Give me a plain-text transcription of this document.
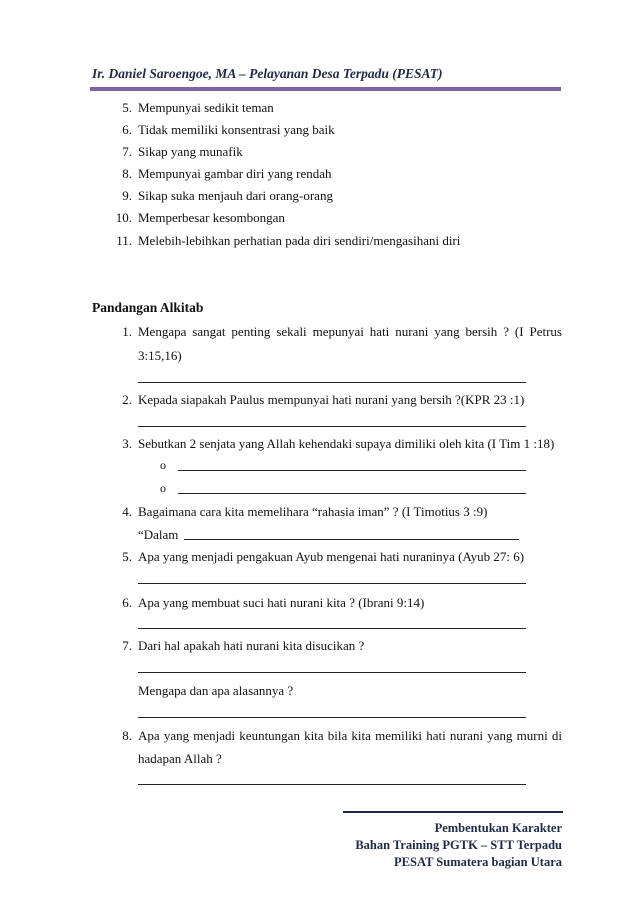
Ir. Daniel Saroengoe, MA – Pelayanan Desa Terpadu (PESAT)
5. Mempunyai sedikit teman
6. Tidak memiliki konsentrasi yang baik
7. Sikap yang munafik
8. Mempunyai gambar diri yang rendah
9. Sikap suka menjauh dari orang-orang
10. Memperbesar kesombongan
11. Melebih-lebihkan perhatian pada diri sendiri/mengasihani diri
Pandangan Alkitab
1. Mengapa sangat penting sekali mepunyai hati nurani yang bersih ? (I Petrus
3:15,16)
2. Kepada siapakah Paulus mempunyai hati nurani yang bersih ?(KPR 23 :1)
3. Sebutkan 2 senjata yang Allah kehendaki supaya dimiliki oleh kita (I Tim 1 :18)
o
o
4. Bagaimana cara kita memelihara “rahasia iman” ? (I Timotius 3 :9)
“Dalam
5. Apa yang menjadi pengakuan Ayub mengenai hati nuraninya (Ayub 27: 6)
6. Apa yang membuat suci hati nurani kita ? (Ibrani 9:14)
7. Dari hal apakah hati nurani kita disucikan ?
Mengapa dan apa alasannya ?
8. Apa yang menjadi keuntungan kita bila kita memiliki hati nurani yang murni di
hadapan Allah ?
Pembentukan Karakter
Bahan Training PGTK – STT Terpadu
PESAT Sumatera bagian Utara
